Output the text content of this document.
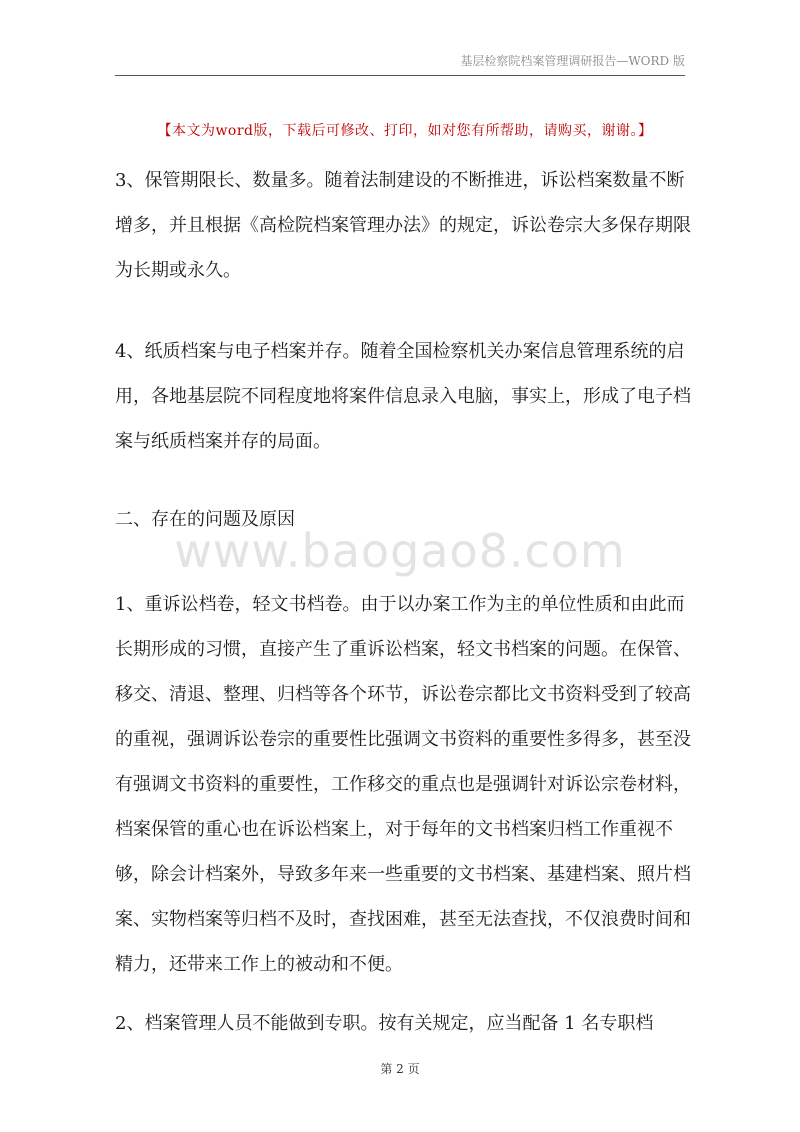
基层检察院档案管理调研报告—WORD 版
【本文为word版，下载后可修改、打印，如对您有所帮助，请购买，谢谢。】

3、保管期限长、数量多。随着法制建设的不断推进，诉讼档案数量不断增多，并且根据《高检院档案管理办法》的规定，诉讼卷宗大多保存期限为长期或永久。

4、纸质档案与电子档案并存。随着全国检察机关办案信息管理系统的启用，各地基层院不同程度地将案件信息录入电脑，事实上，形成了电子档案与纸质档案并存的局面。

二、存在的问题及原因

1、重诉讼档卷，轻文书档卷。由于以办案工作为主的单位性质和由此而长期形成的习惯，直接产生了重诉讼档案，轻文书档案的问题。在保管、移交、清退、整理、归档等各个环节，诉讼卷宗都比文书资料受到了较高的重视，强调诉讼卷宗的重要性比强调文书资料的重要性多得多，甚至没有强调文书资料的重要性，工作移交的重点也是强调针对诉讼宗卷材料，档案保管的重心也在诉讼档案上，对于每年的文书档案归档工作重视不够，除会计档案外，导致多年来一些重要的文书档案、基建档案、照片档案、实物档案等归档不及时，查找困难，甚至无法查找，不仅浪费时间和精力，还带来工作上的被动和不便。

2、档案管理人员不能做到专职。按有关规定，应当配备 1 名专职档

www.baogao8.com
第 2 页
